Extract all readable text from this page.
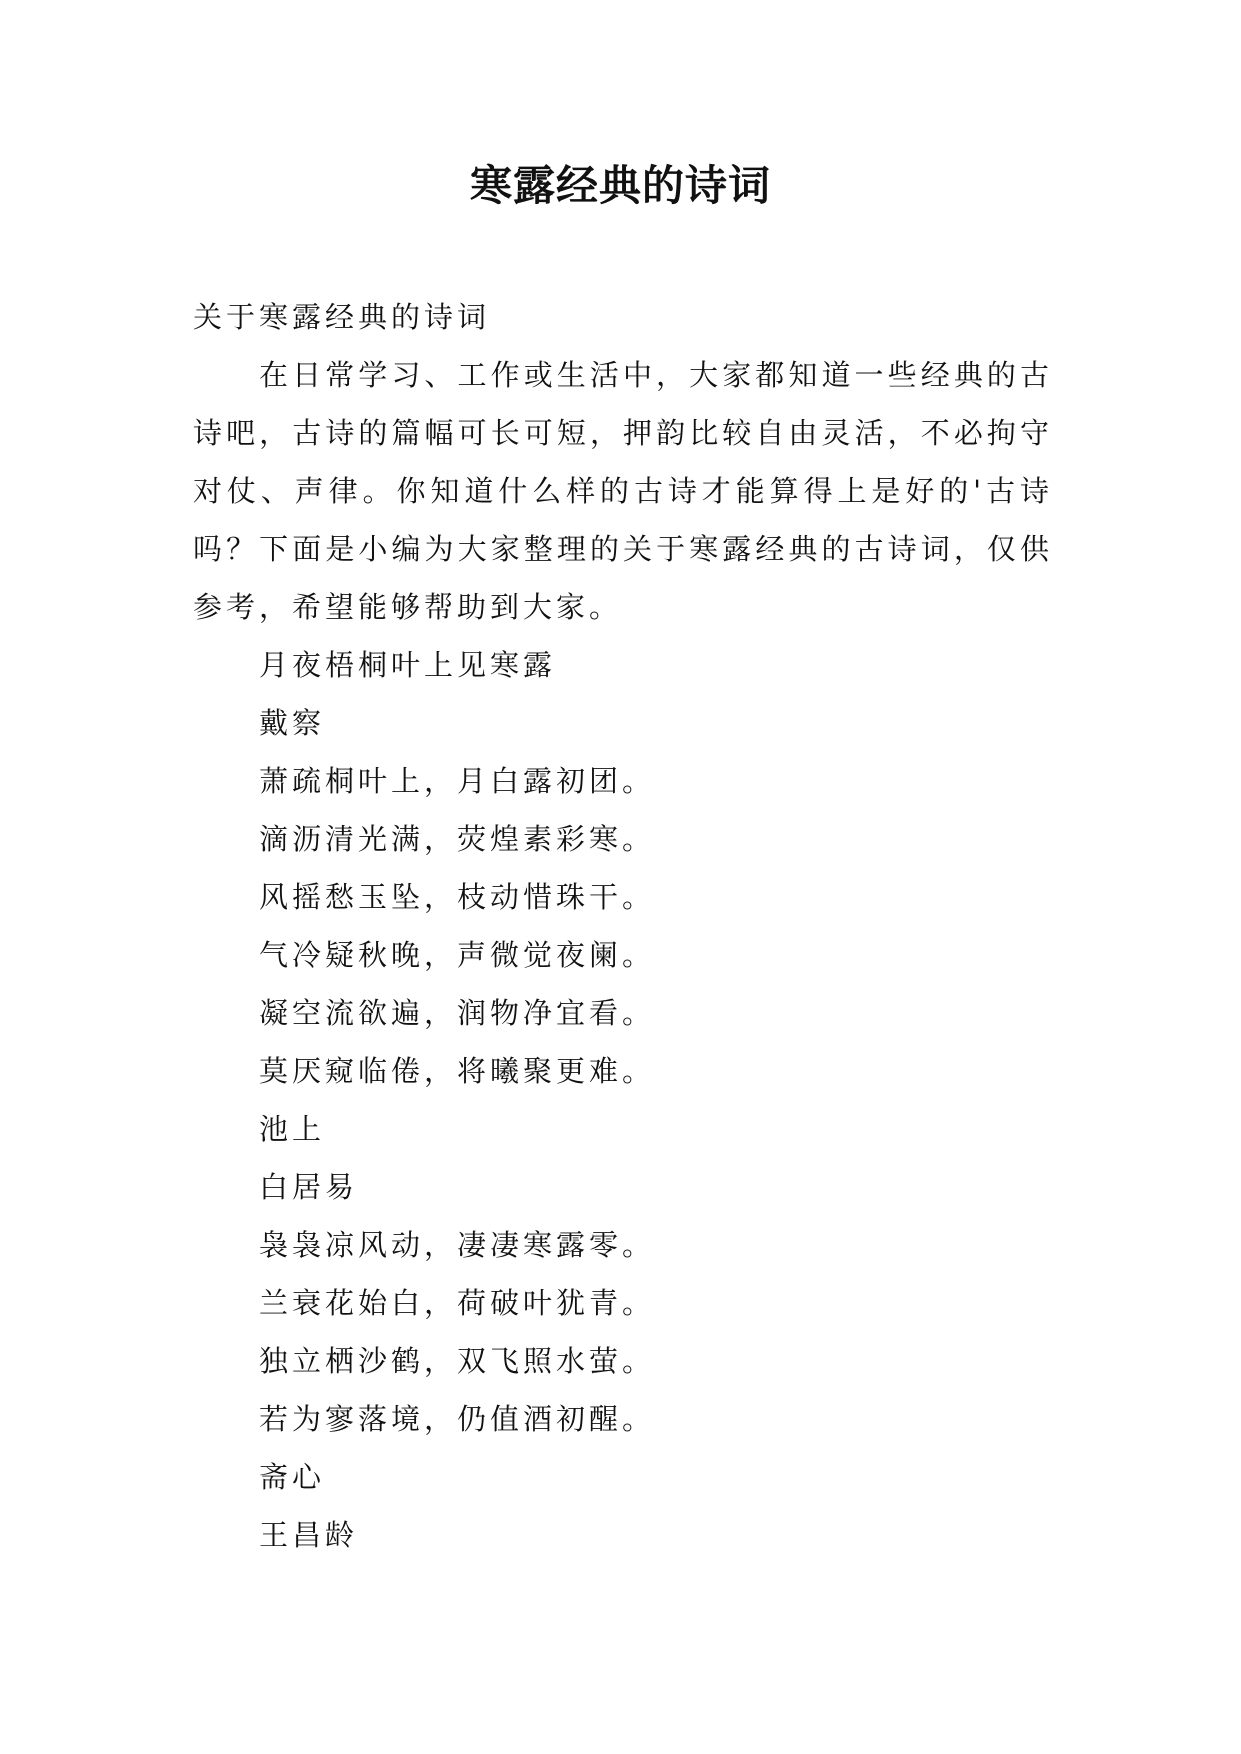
寒露经典的诗词

关于寒露经典的诗词

在日常学习、工作或生活中，大家都知道一些经典的古诗吧，古诗的篇幅可长可短，押韵比较自由灵活，不必拘守对仗、声律。你知道什么样的古诗才能算得上是好的'古诗吗？下面是小编为大家整理的关于寒露经典的古诗词，仅供参考，希望能够帮助到大家。

月夜梧桐叶上见寒露

戴察

萧疏桐叶上，月白露初团。

滴沥清光满，荧煌素彩寒。

风摇愁玉坠，枝动惜珠干。

气冷疑秋晚，声微觉夜阑。

凝空流欲遍，润物净宜看。

莫厌窥临倦，将曦聚更难。

池上

白居易

袅袅凉风动，凄凄寒露零。

兰衰花始白，荷破叶犹青。

独立栖沙鹤，双飞照水萤。

若为寥落境，仍值酒初醒。

斋心

王昌龄
